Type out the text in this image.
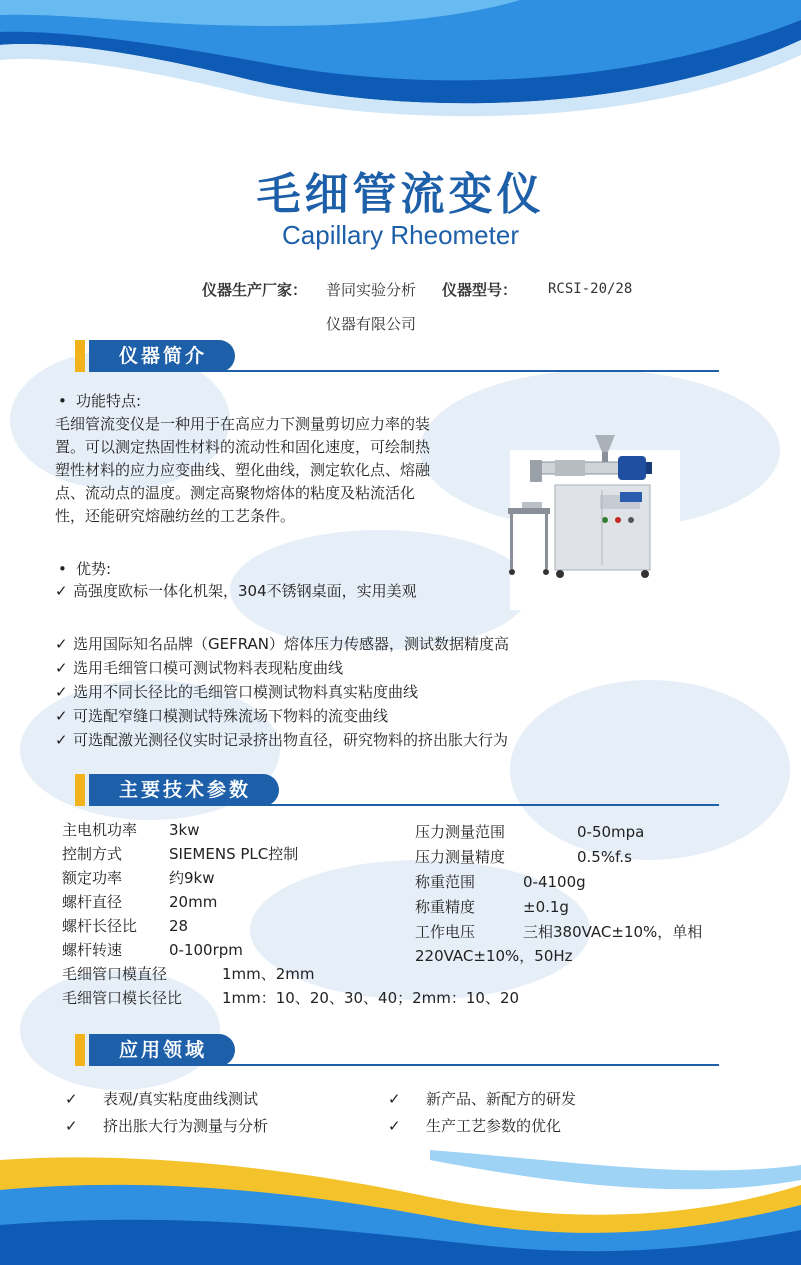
毛细管流变仪
Capillary Rheometer
仪器生产厂家： 普同实验分析
仪器有限公司
仪器型号： RCSI-20/28
仪器简介
• 功能特点:
毛细管流变仪是一种用于在高应力下测量剪切应力率的装置。可以测定热固性材料的流动性和固化速度，可绘制热塑性材料的应力应变曲线、塑化曲线，测定软化点、熔融点、流动点的温度。测定高聚物熔体的粘度及粘流活化性，还能研究熔融纺丝的工艺条件。
• 优势:
✓ 高强度欧标一体化机架，304不锈钢桌面，实用美观
✓ 选用国际知名品牌（GEFRAN）熔体压力传感器，测试数据精度高
✓ 选用毛细管口模可测试物料表现粘度曲线
✓ 选用不同长径比的毛细管口模测试物料真实粘度曲线
✓ 可选配窄缝口模测试特殊流场下物料的流变曲线
✓ 可选配激光测径仪实时记录挤出物直径，研究物料的挤出胀大行为
主要技术参数
主电机功率 3kw
控制方式	SIEMENS PLC控制
额定功率	约9kw
螺杆直径	20mm
螺杆长径比 28
螺杆转速	0-100rpm
毛细管口模直径	1mm、2mm
毛细管口模长径比	1mm：10、20、30、40；2mm：10、20
压力测量范围	0-50mpa
压力测量精度	0.5%f.s
称重范围	0-4100g
称重精度	±0.1g
工作电压	三相380VAC±10%，单相
220VAC±10%，50Hz
应用领域
✓ 表观/真实粘度曲线测试	✓ 新产品、新配方的研发
✓ 挤出胀大行为测量与分析	✓ 生产工艺参数的优化
